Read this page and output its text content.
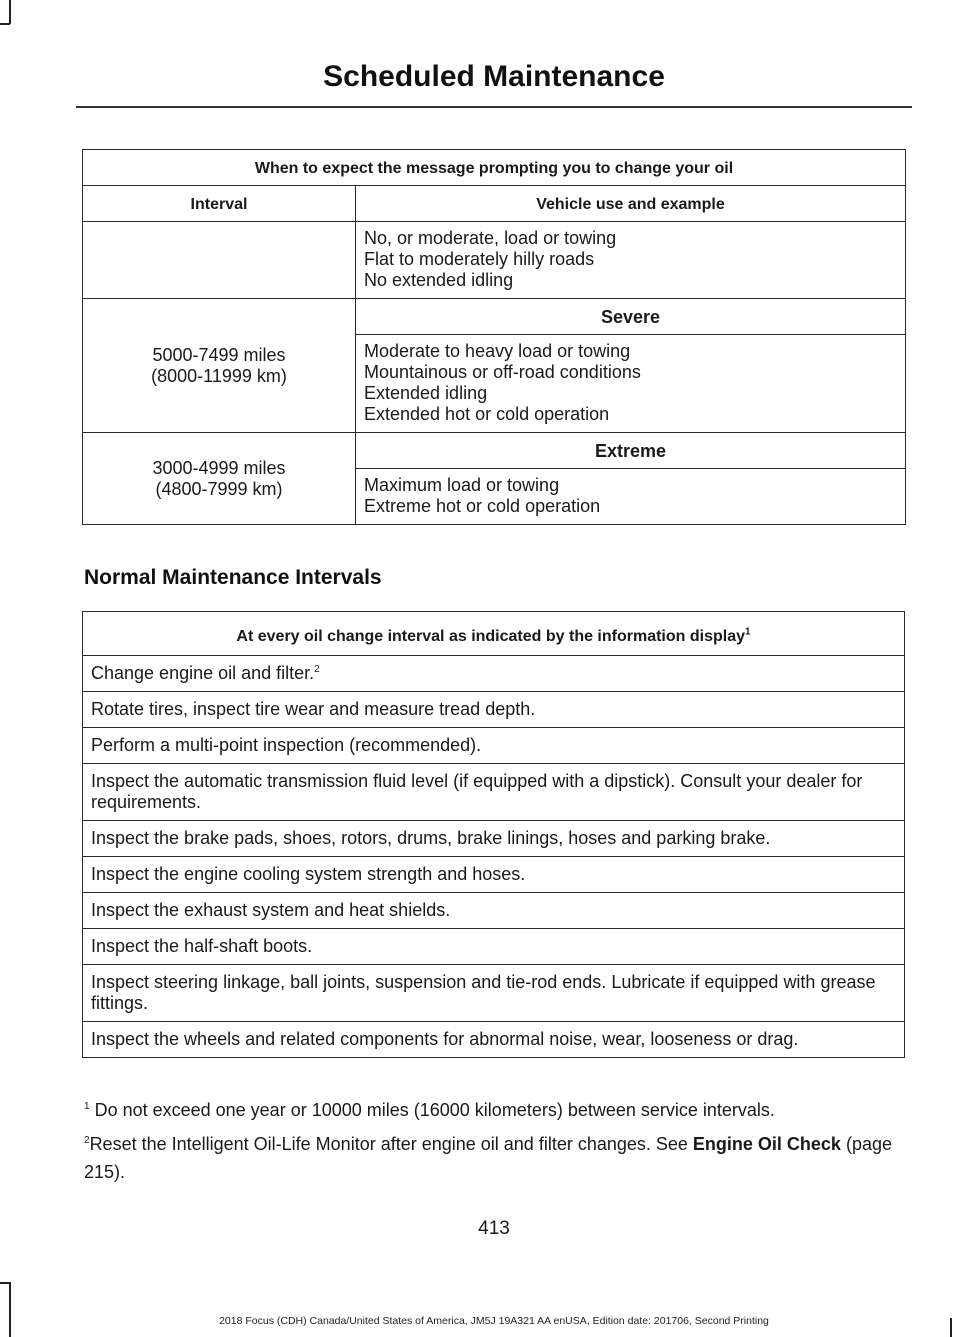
Scheduled Maintenance
When to expect the message prompting you to change your oil	
Interval	Vehicle use and example

	No, or moderate, load or towing
Flat to moderately hilly roads
No extended idling

5000-7499 miles
(8000-11999 km)	Severe

	Moderate to heavy load or towing
Mountainous or off-road conditions
Extended idling
Extended hot or cold operation

3000-4999 miles
(4800-7999 km)	Extreme

	Maximum load or towing
Extreme hot or cold operation
Normal Maintenance Intervals
At every oil change interval as indicated by the information display$^1$
Change engine oil and filter.$^2$
Rotate tires, inspect tire wear and measure tread depth.
Perform a multi-point inspection (recommended).
Inspect the automatic transmission fluid level (if equipped with a dipstick). Consult your dealer for requirements.
Inspect the brake pads, shoes, rotors, drums, brake linings, hoses and parking brake.
Inspect the engine cooling system strength and hoses.
Inspect the exhaust system and heat shields.
Inspect the half-shaft boots.
Inspect steering linkage, ball joints, suspension and tie-rod ends. Lubricate if equipped with grease fittings.
Inspect the wheels and related components for abnormal noise, wear, looseness or drag.
$^1$ Do not exceed one year or 10000 miles (16000 kilometers) between service intervals.
$^2$Reset the Intelligent Oil-Life Monitor after engine oil and filter changes. See Engine Oil Check (page 215).
413
2018 Focus (CDH) Canada/United States of America, JM5J 19A321 AA enUSA, Edition date: 201706, Second Printing
